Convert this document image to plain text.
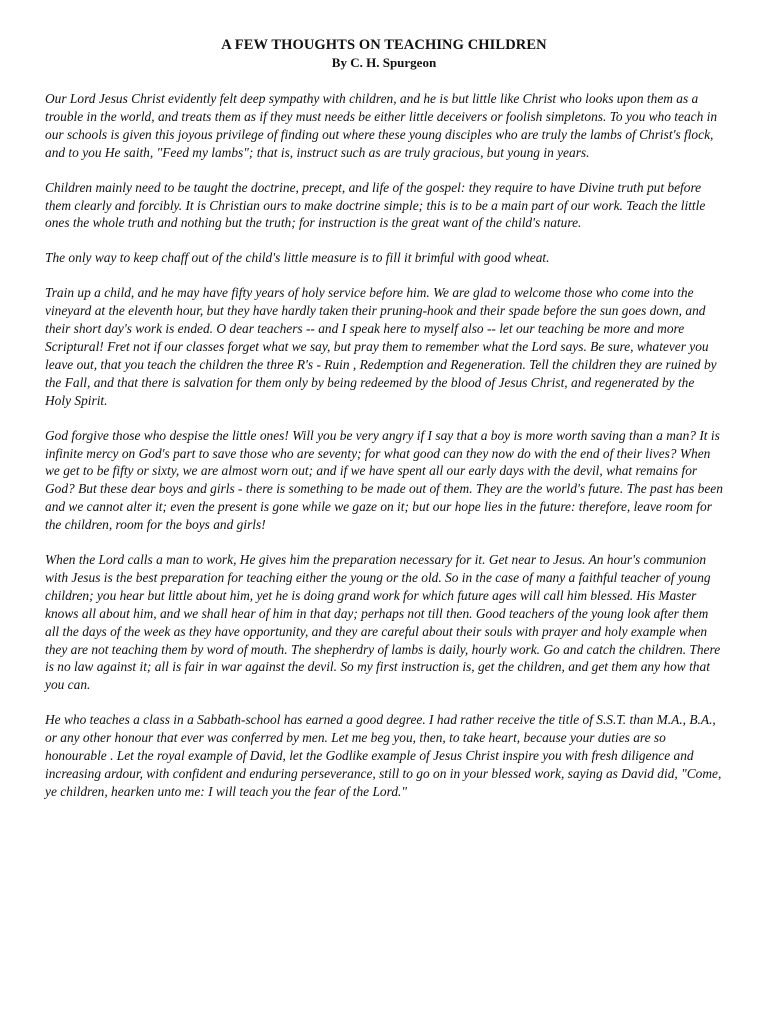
A FEW THOUGHTS ON TEACHING CHILDREN
By C. H. Spurgeon

Our Lord Jesus Christ evidently felt deep sympathy with children, and he is but little like Christ who looks upon them as a trouble in the world, and treats them as if they must needs be either little deceivers or foolish simpletons. To you who teach in our schools is given this joyous privilege of finding out where these young disciples who are truly the lambs of Christ's flock, and to you He saith, "Feed my lambs"; that is, instruct such as are truly gracious, but young in years.

Children mainly need to be taught the doctrine, precept, and life of the gospel: they require to have Divine truth put before them clearly and forcibly. It is Christian ours to make doctrine simple; this is to be a main part of our work. Teach the little ones the whole truth and nothing but the truth; for instruction is the great want of the child's nature.

The only way to keep chaff out of the child's little measure is to fill it brimful with good wheat.

Train up a child, and he may have fifty years of holy service before him. We are glad to welcome those who come into the vineyard at the eleventh hour, but they have hardly taken their pruning-hook and their spade before the sun goes down, and their short day's work is ended. O dear teachers -- and I speak here to myself also -- let our teaching be more and more Scriptural! Fret not if our classes forget what we say, but pray them to remember what the Lord says. Be sure, whatever you leave out, that you teach the children the three R's - Ruin , Redemption and Regeneration. Tell the children they are ruined by the Fall, and that there is salvation for them only by being redeemed by the blood of Jesus Christ, and regenerated by the Holy Spirit.

God forgive those who despise the little ones! Will you be very angry if I say that a boy is more worth saving than a man? It is infinite mercy on God's part to save those who are seventy; for what good can they now do with the end of their lives? When we get to be fifty or sixty, we are almost worn out; and if we have spent all our early days with the devil, what remains for God? But these dear boys and girls - there is something to be made out of them. They are the world's future. The past has been and we cannot alter it; even the present is gone while we gaze on it; but our hope lies in the future: therefore, leave room for the children, room for the boys and girls!

When the Lord calls a man to work, He gives him the preparation necessary for it. Get near to Jesus. An hour's communion with Jesus is the best preparation for teaching either the young or the old. So in the case of many a faithful teacher of young children; you hear but little about him, yet he is doing grand work for which future ages will call him blessed. His Master knows all about him, and we shall hear of him in that day; perhaps not till then. Good teachers of the young look after them all the days of the week as they have opportunity, and they are careful about their souls with prayer and holy example when they are not teaching them by word of mouth. The shepherdry of lambs is daily, hourly work. Go and catch the children. There is no law against it; all is fair in war against the devil. So my first instruction is, get the children, and get them any how that you can.

He who teaches a class in a Sabbath-school has earned a good degree. I had rather receive the title of S.S.T. than M.A., B.A., or any other honour that ever was conferred by men. Let me beg you, then, to take heart, because your duties are so honourable . Let the royal example of David, let the Godlike example of Jesus Christ inspire you with fresh diligence and increasing ardour, with confident and enduring perseverance, still to go on in your blessed work, saying as David did, "Come, ye children, hearken unto me: I will teach you the fear of the Lord."
